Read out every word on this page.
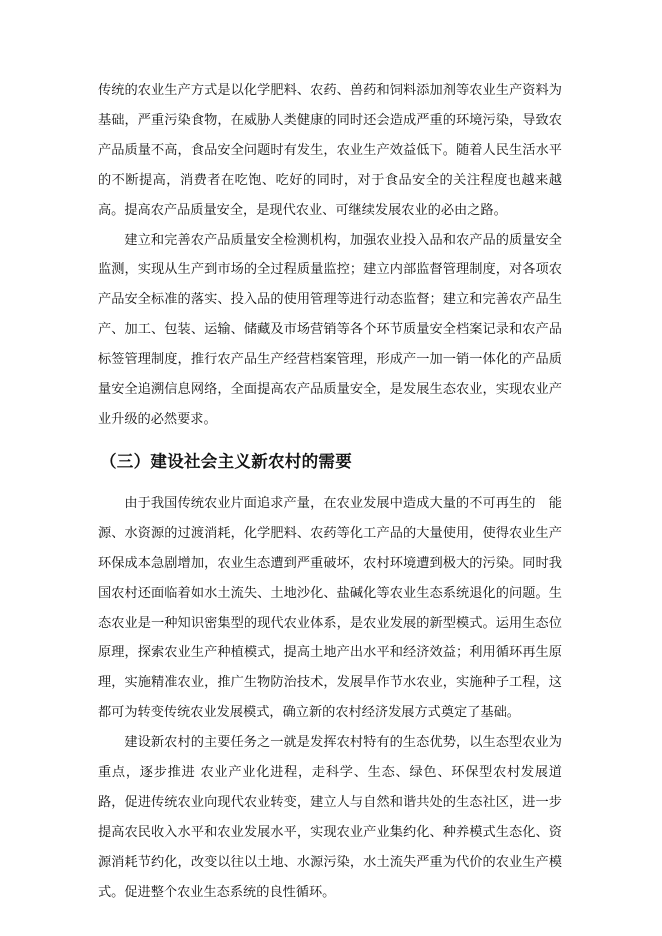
传统的农业生产方式是以化学肥料、农药、兽药和饲料添加剂等农业生产资料为基础，严重污染食物，在威胁人类健康的同时还会造成严重的环境污染，导致农产品质量不高，食品安全问题时有发生，农业生产效益低下。随着人民生活水平的不断提高，消费者在吃饱、吃好的同时，对于食品安全的关注程度也越来越高。提高农产品质量安全，是现代农业、可继续发展农业的必由之路。

建立和完善农产品质量安全检测机构，加强农业投入品和农产品的质量安全监测，实现从生产到市场的全过程质量监控；建立内部监督管理制度，对各项农产品安全标准的落实、投入品的使用管理等进行动态监督；建立和完善农产品生产、加工、包装、运输、储藏及市场营销等各个环节质量安全档案记录和农产品标签管理制度，推行农产品生产经营档案管理，形成产一加一销一体化的产品质量安全追溯信息网络，全面提高农产品质量安全，是发展生态农业，实现农业产业升级的必然要求。

（三）建设社会主义新农村的需要

由于我国传统农业片面追求产量，在农业发展中造成大量的不可再生的　能源、水资源的过渡消耗，化学肥料、农药等化工产品的大量使用，使得农业生产环保成本急剧增加，农业生态遭到严重破坏，农村环境遭到极大的污染。同时我国农村还面临着如水土流失、土地沙化、盐碱化等农业生态系统退化的问题。生态农业是一种知识密集型的现代农业体系，是农业发展的新型模式。运用生态位原理，探索农业生产种植模式，提高土地产出水平和经济效益；利用循环再生原理，实施精准农业，推广生物防治技术，发展旱作节水农业，实施种子工程，这都可为转变传统农业发展模式，确立新的农村经济发展方式奠定了基础。

建设新农村的主要任务之一就是发挥农村特有的生态优势，以生态型农业为重点，逐步推进 农业产业化进程，走科学、生态、绿色、环保型农村发展道路，促进传统农业向现代农业转变，建立人与自然和谐共处的生态社区，进一步提高农民收入水平和农业发展水平，实现农业产业集约化、种养模式生态化、资源消耗节约化，改变以往以土地、水源污染，水土流失严重为代价的农业生产模式。促进整个农业生态系统的良性循环。
